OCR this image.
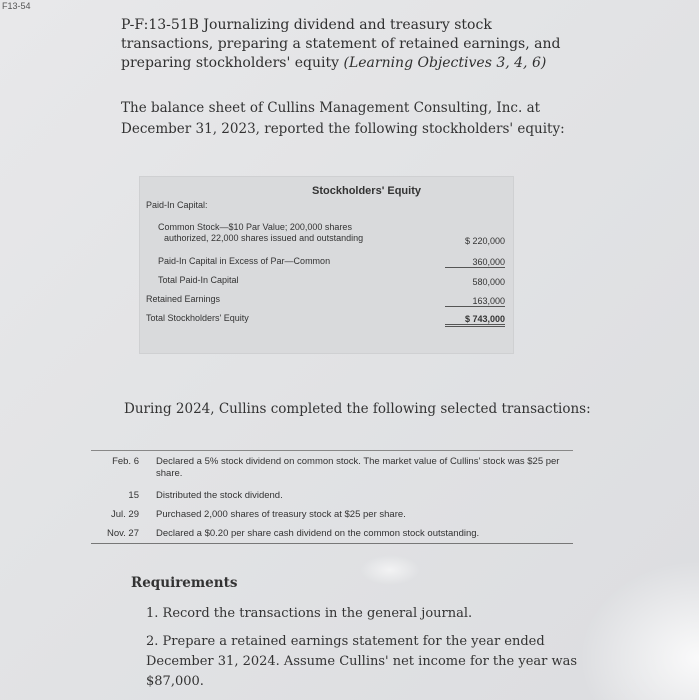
F13-54
P-F:13-51B Journalizing dividend and treasury stock transactions, preparing a statement of retained earnings, and preparing stockholders' equity (Learning Objectives 3, 4, 6)
The balance sheet of Cullins Management Consulting, Inc. at December 31, 2023, reported the following stockholders' equity:
Stockholders' Equity
Paid-In Capital:
Common Stock—$10 Par Value; 200,000 shares
authorized, 22,000 shares issued and outstanding	$ 220,000
Paid-In Capital in Excess of Par—Common	360,000
Total Paid-In Capital	580,000
Retained Earnings	163,000
Total Stockholders' Equity	$ 743,000
During 2024, Cullins completed the following selected transactions:
Feb. 6 Declared a 5% stock dividend on common stock. The market value of Cullins' stock was $25 per share.
15 Distributed the stock dividend.
Jul. 29 Purchased 2,000 shares of treasury stock at $25 per share.
Nov. 27 Declared a $0.20 per share cash dividend on the common stock outstanding.
Requirements
1. Record the transactions in the general journal.
2. Prepare a retained earnings statement for the year ended December 31, 2024. Assume Cullins' net income for the year was $87,000.
